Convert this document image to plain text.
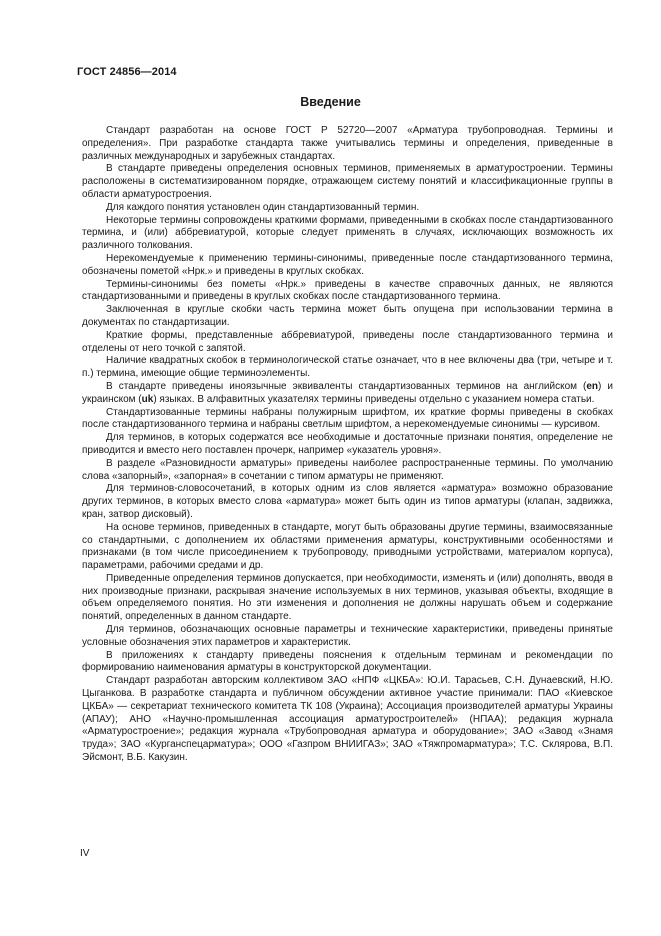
ГОСТ 24856—2014
Введение

Стандарт разработан на основе ГОСТ Р 52720—2007 «Арматура трубопроводная. Термины и определения». При разработке стандарта также учитывались термины и определения, приведенные в различных международных и зарубежных стандартах.

В стандарте приведены определения основных терминов, применяемых в арматуростроении. Термины расположены в систематизированном порядке, отражающем систему понятий и классификационные группы в области арматуростроения.

Для каждого понятия установлен один стандартизованный термин.

Некоторые термины сопровождены краткими формами, приведенными в скобках после стандартизованного термина, и (или) аббревиатурой, которые следует применять в случаях, исключающих возможность их различного толкования.

Нерекомендуемые к применению термины-синонимы, приведенные после стандартизованного термина, обозначены пометой «Нрк.» и приведены в круглых скобках.

Термины-синонимы без пометы «Нрк.» приведены в качестве справочных данных, не являются стандартизованными и приведены в круглых скобках после стандартизованного термина.

Заключенная в круглые скобки часть термина может быть опущена при использовании термина в документах по стандартизации.

Краткие формы, представленные аббревиатурой, приведены после стандартизованного термина и отделены от него точкой с запятой.

Наличие квадратных скобок в терминологической статье означает, что в нее включены два (три, четыре и т. п.) термина, имеющие общие терминоэлементы.

В стандарте приведены иноязычные эквиваленты стандартизованных терминов на английском (en) и украинском (uk) языках. В алфавитных указателях термины приведены отдельно с указанием номера статьи.

Стандартизованные термины набраны полужирным шрифтом, их краткие формы приведены в скобках после стандартизованного термина и набраны светлым шрифтом, а нерекомендуемые синонимы — курсивом.

Для терминов, в которых содержатся все необходимые и достаточные признаки понятия, определение не приводится и вместо него поставлен прочерк, например «указатель уровня».

В разделе «Разновидности арматуры» приведены наиболее распространенные термины. По умолчанию слова «запорный», «запорная» в сочетании с типом арматуры не применяют.

Для терминов-словосочетаний, в которых одним из слов является «арматура» возможно образование других терминов, в которых вместо слова «арматура» может быть один из типов арматуры (клапан, задвижка, кран, затвор дисковый).

На основе терминов, приведенных в стандарте, могут быть образованы другие термины, взаимосвязанные со стандартными, с дополнением их областями применения арматуры, конструктивными особенностями и признаками (в том числе присоединением к трубопроводу, приводными устройствами, материалом корпуса), параметрами, рабочими средами и др.

Приведенные определения терминов допускается, при необходимости, изменять и (или) дополнять, вводя в них производные признаки, раскрывая значение используемых в них терминов, указывая объекты, входящие в объем определяемого понятия. Но эти изменения и дополнения не должны нарушать объем и содержание понятий, определенных в данном стандарте.

Для терминов, обозначающих основные параметры и технические характеристики, приведены принятые условные обозначения этих параметров и характеристик.

В приложениях к стандарту приведены пояснения к отдельным терминам и рекомендации по формированию наименования арматуры в конструкторской документации.

Стандарт разработан авторским коллективом ЗАО «НПФ «ЦКБА»: Ю.И. Тарасьев, С.Н. Дунаевский, Н.Ю. Цыганкова. В разработке стандарта и публичном обсуждении активное участие принимали: ПАО «Киевское ЦКБА» — секретариат технического комитета ТК 108 (Украина); Ассоциация производителей арматуры Украины (АПАУ); АНО «Научно-промышленная ассоциация арматуростроителей» (НПАА); редакция журнала «Арматуростроение»; редакция журнала «Трубопроводная арматура и оборудование»; ЗАО «Завод «Знамя труда»; ЗАО «Курганспецарматура»; ООО «Газпром ВНИИГАЗ»; ЗАО «Тяжпромарматура»; Т.С. Склярова, В.П. Эйсмонт, В.Б. Какузин.

IV
